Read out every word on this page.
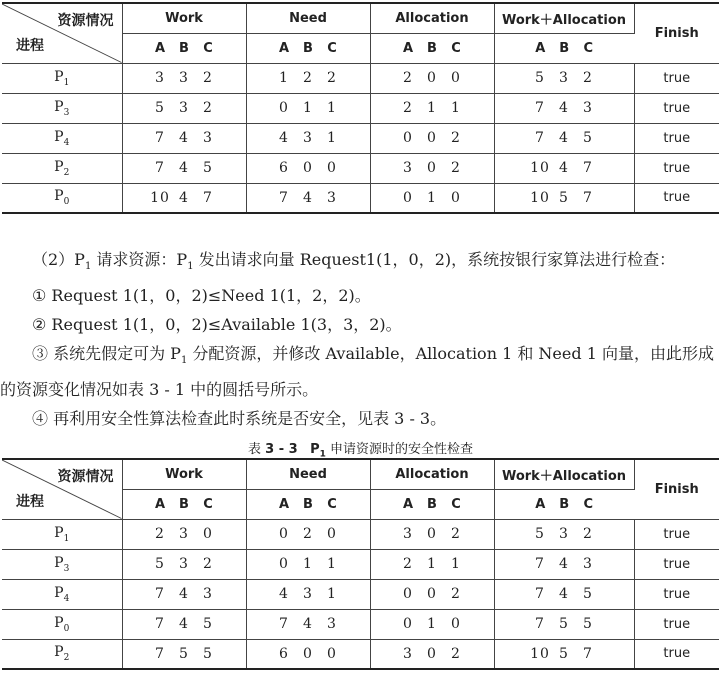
资源情况
进程	Work	Need	Allocation	Work＋Allocation	Finish
	A B C	A B C	A B C	A B C	
$P_1$	3 3 2	1 2 2	2 0 0	5 3 2	true
$P_3$	5 3 2	0 1 1	2 1 1	7 4 3	true
$P_4$	7 4 3	4 3 1	0 0 2	7 4 5	true
$P_2$	7 4 5	6 0 0	3 0 2	10 4 7	true
$P_0$	10 4 7	7 4 3	0 1 0	10 5 7	true

$(2)P_1$ 请求资源：$P_1$ 发出请求向量 Request1(1，0，2)，系统按银行家算法进行检查：

① Request 1(1，0，2)≤Need 1(1，2，2)。

② Request 1(1，0，2)≤Available 1(3，3，2)。

③ 系统先假定可为 $P_1$ 分配资源，并修改 Available，Allocation 1 和 Need 1 向量，由此形成的资源变化情况如表 3 - 1 中的圆括号所示。

④ 再利用安全性算法检查此时系统是否安全，见表 3 - 3。

表 3 - 3 $P_1$ 申请资源时的安全性检查
资源情况
进程	Work	Need	Allocation	Work＋Allocation	Finish
	A B C	A B C	A B C	A B C	
$P_1$	2 3 0	0 2 0	3 0 2	5 3 2	true
$P_3$	5 3 2	0 1 1	2 1 1	7 4 3	true
$P_4$	7 4 3	4 3 1	0 0 2	7 4 5	true
$P_0$	7 4 5	7 4 3	0 1 0	7 5 5	true
$P_2$	7 5 5	6 0 0	3 0 2	10 5 7	true
